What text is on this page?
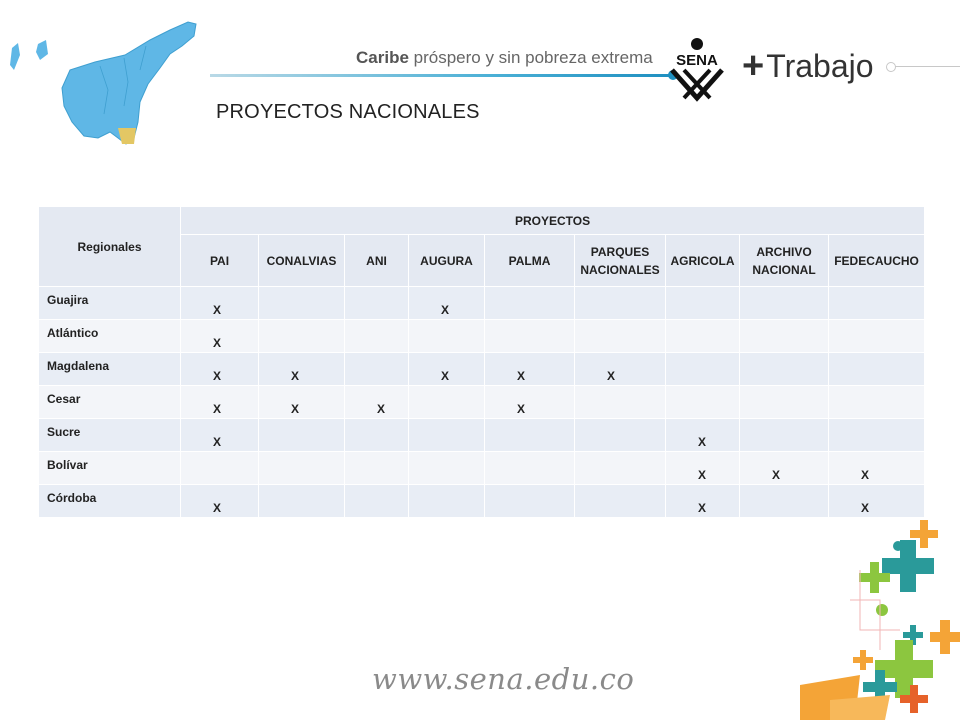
Caribe próspero y sin pobreza extrema SENA + Trabajo
PROYECTOS NACIONALES
Regionales	PROYECTOS								
	PAI	CONALVIAS	ANI	AUGURA	PALMA	PARQUES NACIONALES	AGRICOLA	ARCHIVO NACIONAL	FEDECAUCHO
Guajira	X			X					
Atlántico	X								
Magdalena	X	X		X	X	X			
Cesar	X	X	X		X				
Sucre	X						X		
Bolívar							X	X	X
Córdoba	X						X		X
www.sena.edu.co
